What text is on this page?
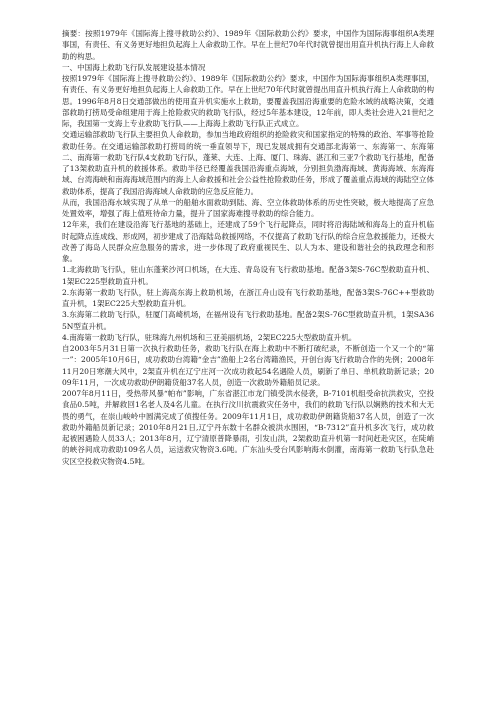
摘要：按照1979年《国际海上搜寻救助公约》、1989年《国际救助公约》要求，中国作为国际海事组织A类理事国，有责任、有义务更好地担负起海上人命救助工作。早在上世纪70年代时就曾提出用直升机执行海上人命救助的构思。

一、中国海上救助飞行队发展建设基本情况

按照1979年《国际海上搜寻救助公约》、1989年《国际救助公约》要求，中国作为国际海事组织A类理事国，有责任、有义务更好地担负起海上人命救助工作。早在上世纪70年代时就曾提出用直升机执行海上人命救助的构思。1996年8月8日交通部做出的使用直升机实施水上救助，要覆盖我国沿海重要的危险水域的战略决策，交通部救助打捞局受命组建用于海上抢险救灾的救助飞行队，经过5年基本建设，12年前，即人类社会进入21世纪之际，我国第一支海上专业救助飞行队——上海海上救助飞行队正式成立。

交通运输部救助飞行队主要担负人命救助，参加当地政府组织的抢险救灾和国家指定的特殊的政治、军事等抢险救助任务。在交通运输部救助打捞局的统一垂直领导下，现已发展成拥有交通部北海第一、东海第一、东海第二、南海第一救助飞行队4支救助飞行队，蓬莱、大连、上海、厦门、珠海、湛江和三亚7个救助飞行基地，配备了13架救助直升机的救援体系。救助半径已经覆盖我国沿海重点海域，分别担负渤海海域、黄海海域、东海海域、台湾海峡和南海海域范围内的海上人命救援和社会公益性抢险救助任务，形成了覆盖重点海域的海陆空立体救助体系，提高了我国沿海海域人命救助的应急反应能力。

从而，我国沿海水域实现了从单一的船舶水面救助到陆、海、空立体救助体系的历史性突破，极大地提高了应急处置效率，增强了海上值班待命力量，提升了国家海难搜寻救助的综合能力。

12年来，我们在建设沿海飞行基地的基础上，还建成了59个飞行起降点，同时将沿海陆域和海岛上的直升机临时起降点连成线、形成网，初步建成了沿海陆岛救援网络，不仅提高了救助飞行队的综合应急救援能力，还极大改善了海岛人民群众应急服务的需求，进一步体现了政府重视民生、以人为本、建设和谐社会的执政理念和形象。

1.北海救助飞行队，驻山东蓬莱沙河口机场，在大连、青岛设有飞行救助基地。配备3架S-76C型救助直升机、1架EC225型救助直升机。

2.东海第一救助飞行队，驻上海高东海上救助机场，在浙江舟山设有飞行救助基地，配备3架S-76C++型救助直升机，1架EC225大型救助直升机。

3.东海第二救助飞行队，驻厦门高崎机场，在福州设有飞行救助基地。配备2架S-76C型救助直升机，1架SA365N型直升机。

4.南海第一救助飞行队，驻珠海九州机场和三亚美丽机场，2架EC225大型救助直升机。

自2003年5月31日第一次执行救助任务，救助飞行队在海上救助中不断打破纪录，不断创造一个又一个的“第一”：2005年10月6日，成功救助台湾籍“金吉”渔船上2名台湾籍渔民，开创台海飞行救助合作的先例；2008年11月20日寒潮大风中，2架直升机在辽宁庄河一次成功救起54名遇险人员，刷新了单日、单机救助新记录；2009年11月，一次成功救助伊朗籍货船37名人员，创造一次救助外籍船员记录。

2007年8月11日，受热带风暴“帕布”影响，广东省湛江市龙门镇受洪水侵袭，B-7101机组受命抗洪救灾，空投食品0.5吨，并解救回1名老人及4名儿童。在执行汶川抗震救灾任务中，我们的救助飞行队以娴熟的技术和大无畏的勇气，在崇山峻岭中圆满完成了侦搜任务。2009年11月1日，成功救助伊朗籍货船37名人员，创造了一次救助外籍船员新记录；2010年8月21日,辽宁丹东数十名群众被洪水围困，“B-7312”直升机多次飞行，成功救起被困遇险人员33人；2013年8月，辽宁清原普降暴雨，引发山洪，2架救助直升机第一时间赶赴灾区，在陡峭的峡谷间成功救助109名人员，运送救灾物资3.6吨。广东汕头受台风影响海水倒灌，南海第一救助飞行队急赴灾区空投救灾物资4.5吨。
